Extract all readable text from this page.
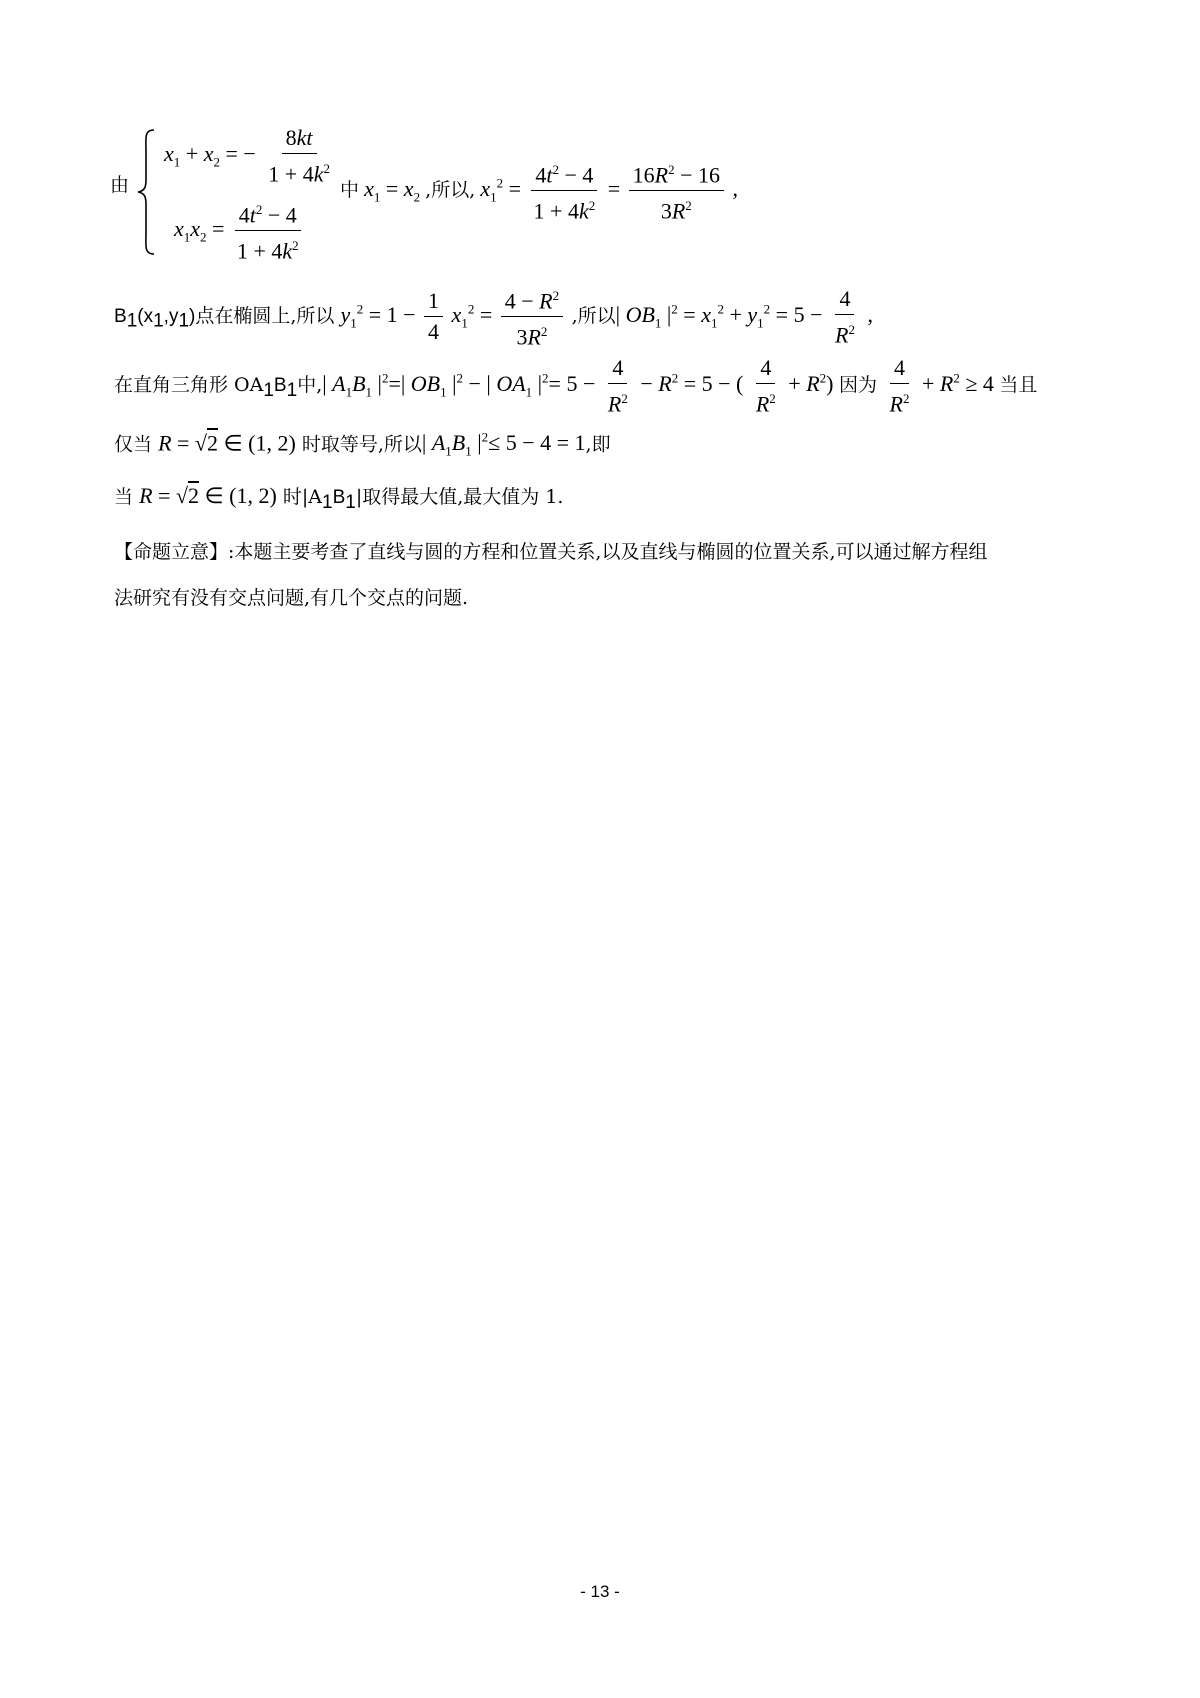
由
$x_1 + x_2$ = − $\frac{8kt}{1 + 4k^2}$
$x_1x_2 = \frac{4t^2 - 4}{1 + 4k^2}$
中 $x_1 = x_2$ ,所以, $x_1^2 = \frac{4t^2 - 4}{1 + 4k^2} = \frac{16R^2 - 16}{3R^2}$ ,
$B_1(x_1,y_1)$点在椭圆上,所以 $y_1^2 = 1 - \frac{1}{4} x_1^2 = \frac{4 - R^2}{3R^2}$ ,所以| $OB_1$ $|^2 = x_1^2 + y_1^2 = 5 - \frac{4}{R^2}$ ,
在直角三角形 $OA_1B_1$中,| $A_1B_1$ $|^2=|$ $OB_1$ $|^2$ − | $OA_1$ $|^2= 5 - \frac{4}{R^2} - R^2 = 5$ − ( $\frac{4}{R^2} + R^2$) 因为 $\frac{4}{R^2} + R^2 \ge 4$ 当且
仅当 R = √2 ∈ (1, 2) 时取等号,所以| $A_1B_1$ $|^2\le 5 - 4 = 1$,即
当 R = √2 ∈ (1, 2) 时$|A_1B_1|$取得最大值,最大值为 1.
【命题立意】:本题主要考查了直线与圆的方程和位置关系,以及直线与椭圆的位置关系,可以通过解方程组
法研究有没有交点问题,有几个交点的问题.
- 13 -
